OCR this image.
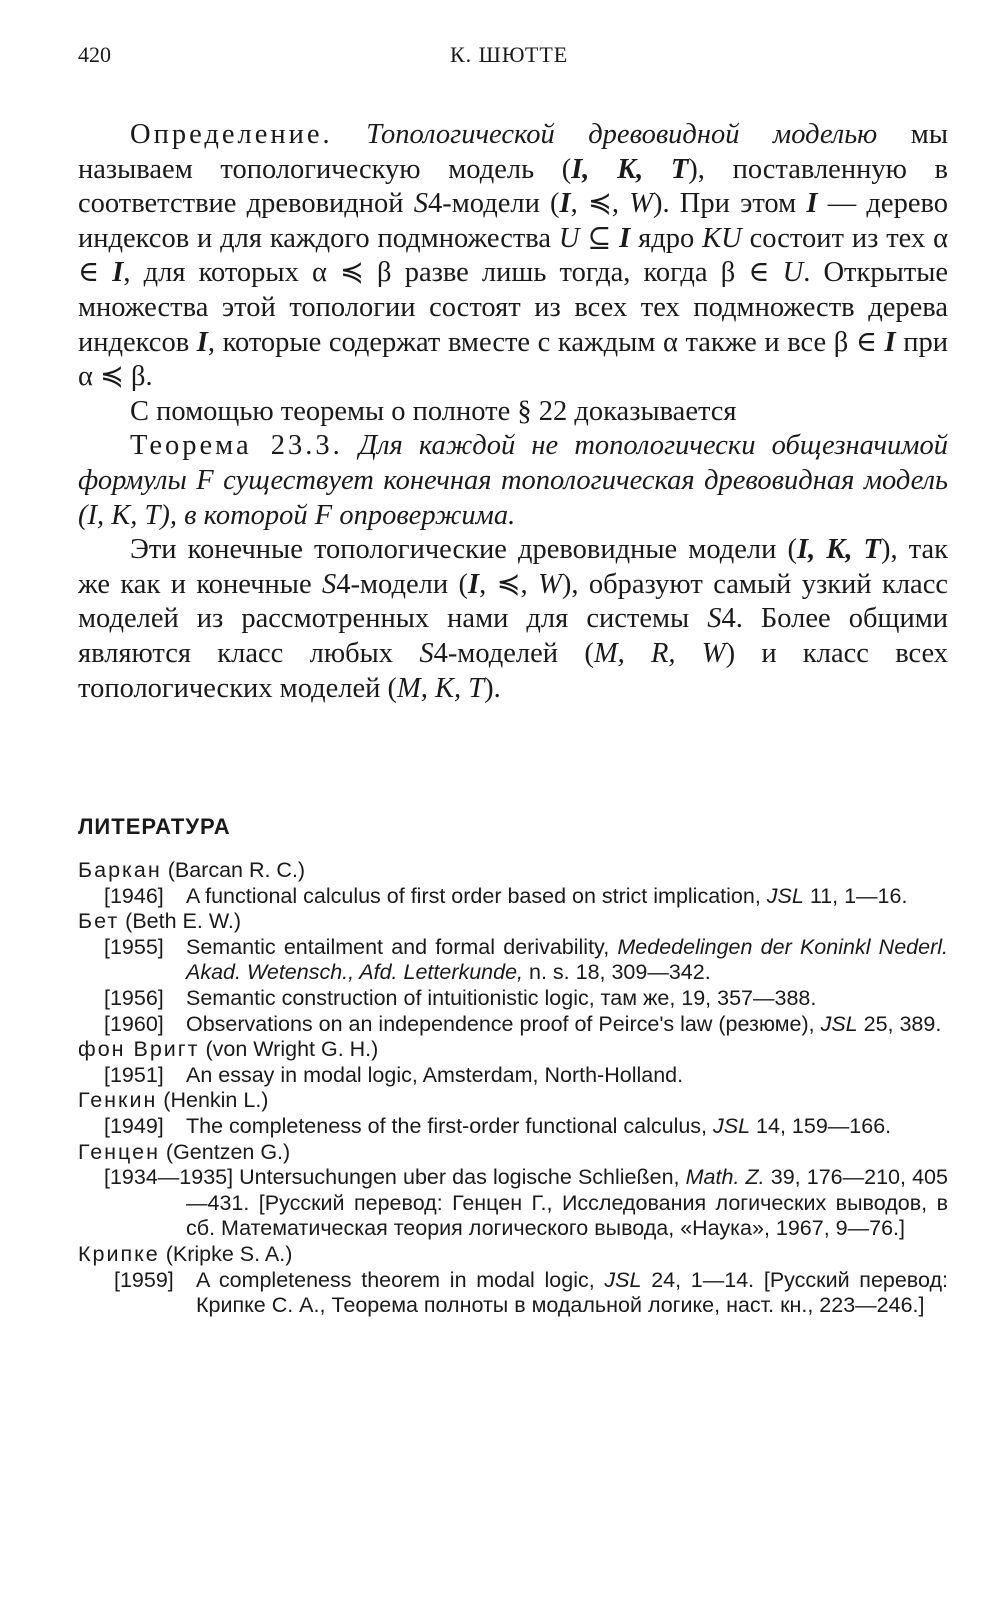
420	К. ШЮТТЕ

Определение. Топологической древовидной моделью мы называем топологическую модель (I, K, T), поставленную в соответствие древовидной S4-модели (I, ≼, W). При этом I — дерево индексов и для каждого подмножества U ⊆ I ядро KU состоит из тех α ∈ I, для которых α ≼ β разве лишь тогда, когда β ∈ U. Открытые множества этой топологии состоят из всех тех подмножеств дерева индексов I, которые содержат вместе с каждым α также и все β ∈ I при α ≼ β.

С помощью теоремы о полноте § 22 доказывается

Теорема 23.3. Для каждой не топологически общезначимой формулы F существует конечная топологическая древовидная модель (I, K, T), в которой F опровержима.

Эти конечные топологические древовидные модели (I, K, T), так же как и конечные S4-модели (I, ≼, W), образуют самый узкий класс моделей из рассмотренных нами для системы S4. Более общими являются класс любых S4-моделей (M, R, W) и класс всех топологических моделей (M, K, T).

ЛИТЕРАТУРА

Баркан (Barcan R. C.)

[1946] A functional calculus of first order based on strict implication, JSL 11, 1—16.

Бет (Beth E. W.)

[1955] Semantic entailment and formal derivability, Mededelingen der Koninkl Nederl. Akad. Wetensch., Afd. Letterkunde, n. s. 18, 309—342.

[1956] Semantic construction of intuitionistic logic, там же, 19, 357—388.

[1960] Observations on an independence proof of Peirce's law (резюме), JSL 25, 389.

фон Вригт (von Wright G. H.)

[1951] An essay in modal logic, Amsterdam, North-Holland.

Генкин (Henkin L.)

[1949] The completeness of the first-order functional calculus, JSL 14, 159—166.

Генцен (Gentzen G.)

[1934—1935] Untersuchungen uber das logische Schließen, Math. Z. 39, 176—210, 405—431. [Русский перевод: Генцен Г., Исследования логических выводов, в сб. Математическая теория логического вывода, «Наука», 1967, 9—76.]

Крипке (Kripke S. A.)

[1959] A completeness theorem in modal logic, JSL 24, 1—14. [Русский перевод: Крипке С. А., Теорема полноты в модальной логике, наст. кн., 223—246.]
